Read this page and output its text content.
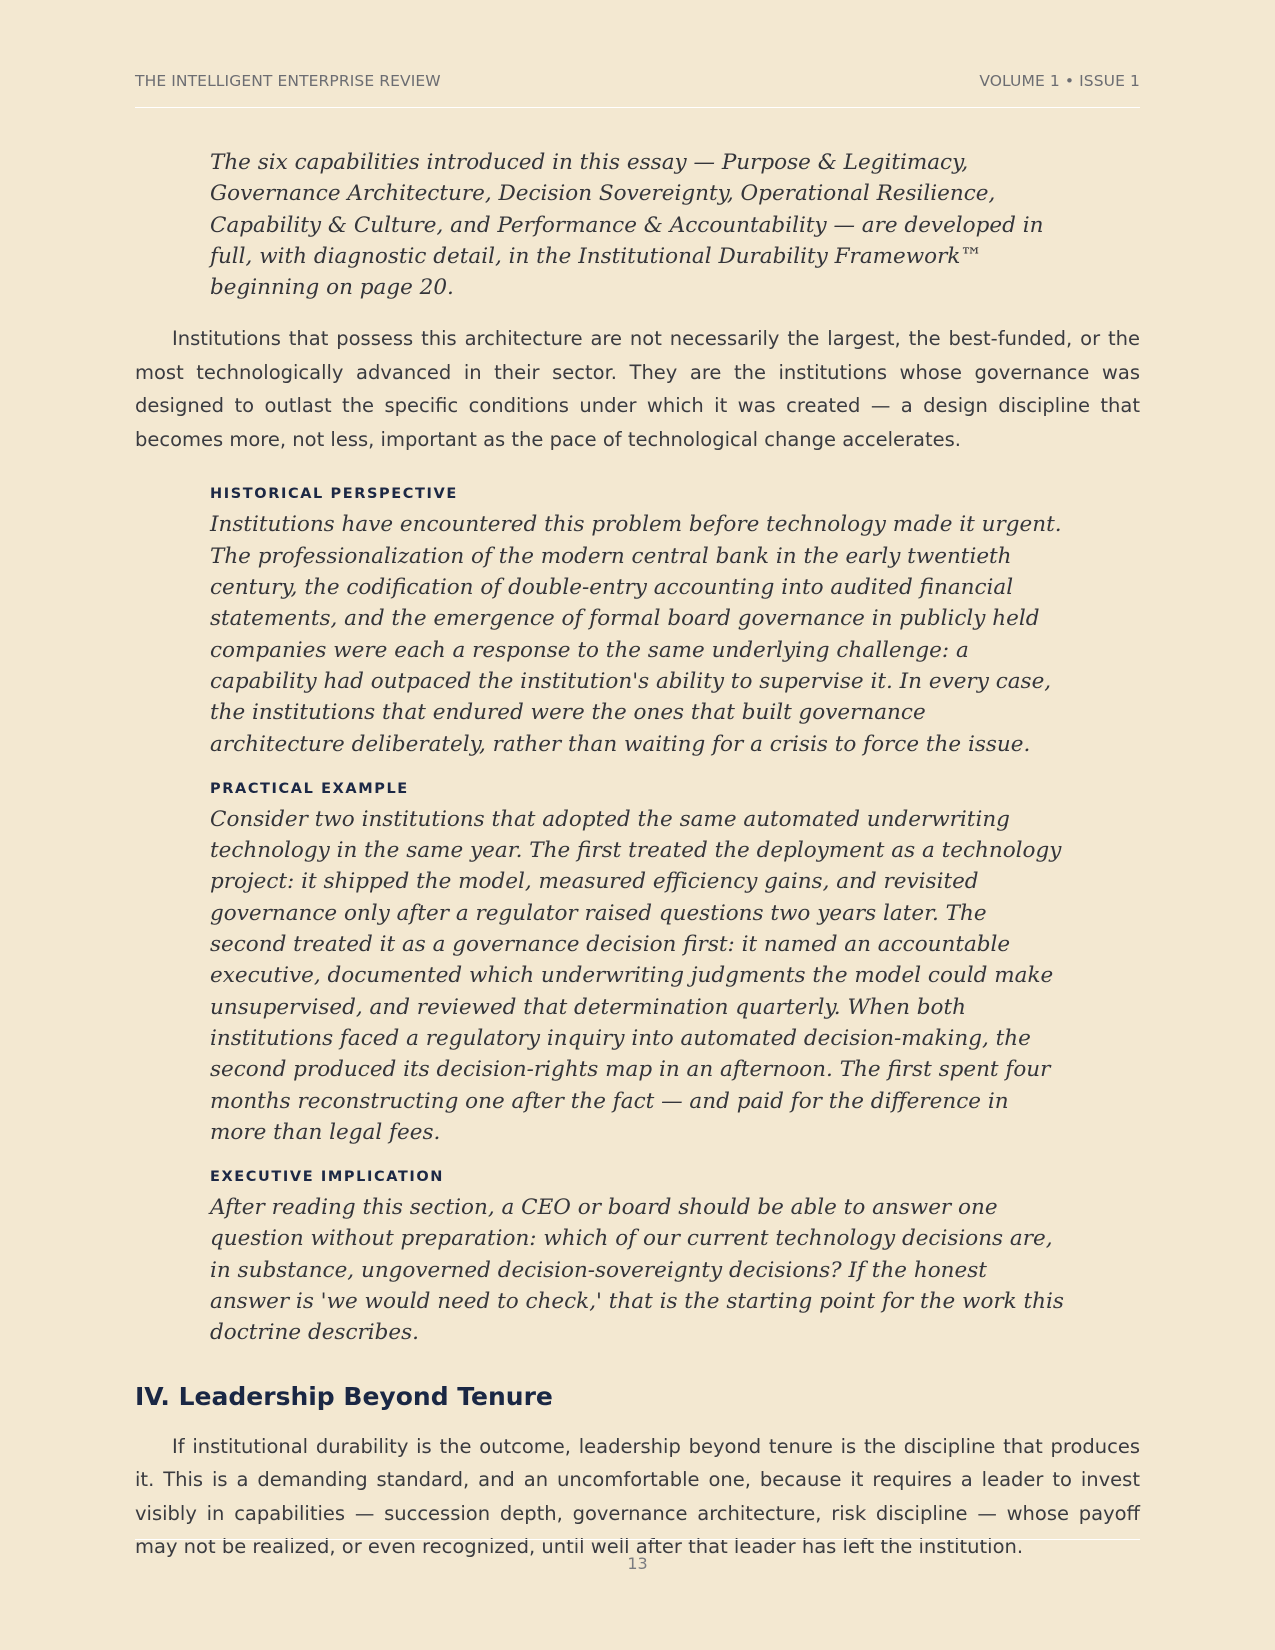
THE INTELLIGENT ENTERPRISE REVIEW	VOLUME 1 • ISSUE 1

The six capabilities introduced in this essay — Purpose & Legitimacy, Governance Architecture, Decision Sovereignty, Operational Resilience, Capability & Culture, and Performance & Accountability — are developed in full, with diagnostic detail, in the Institutional Durability Framework™ beginning on page 20.

Institutions that possess this architecture are not necessarily the largest, the best-funded, or the most technologically advanced in their sector. They are the institutions whose governance was designed to outlast the specific conditions under which it was created — a design discipline that becomes more, not less, important as the pace of technological change accelerates.

HISTORICAL PERSPECTIVE

Institutions have encountered this problem before technology made it urgent. The professionalization of the modern central bank in the early twentieth century, the codification of double-entry accounting into audited financial statements, and the emergence of formal board governance in publicly held companies were each a response to the same underlying challenge: a capability had outpaced the institution's ability to supervise it. In every case, the institutions that endured were the ones that built governance architecture deliberately, rather than waiting for a crisis to force the issue.

PRACTICAL EXAMPLE

Consider two institutions that adopted the same automated underwriting technology in the same year. The first treated the deployment as a technology project: it shipped the model, measured efficiency gains, and revisited governance only after a regulator raised questions two years later. The second treated it as a governance decision first: it named an accountable executive, documented which underwriting judgments the model could make unsupervised, and reviewed that determination quarterly. When both institutions faced a regulatory inquiry into automated decision-making, the second produced its decision-rights map in an afternoon. The first spent four months reconstructing one after the fact — and paid for the difference in more than legal fees.

EXECUTIVE IMPLICATION

After reading this section, a CEO or board should be able to answer one question without preparation: which of our current technology decisions are, in substance, ungoverned decision-sovereignty decisions? If the honest answer is 'we would need to check,' that is the starting point for the work this doctrine describes.

IV. Leadership Beyond Tenure

If institutional durability is the outcome, leadership beyond tenure is the discipline that produces it. This is a demanding standard, and an uncomfortable one, because it requires a leader to invest visibly in capabilities — succession depth, governance architecture, risk discipline — whose payoff may not be realized, or even recognized, until well after that leader has left the institution.

13
